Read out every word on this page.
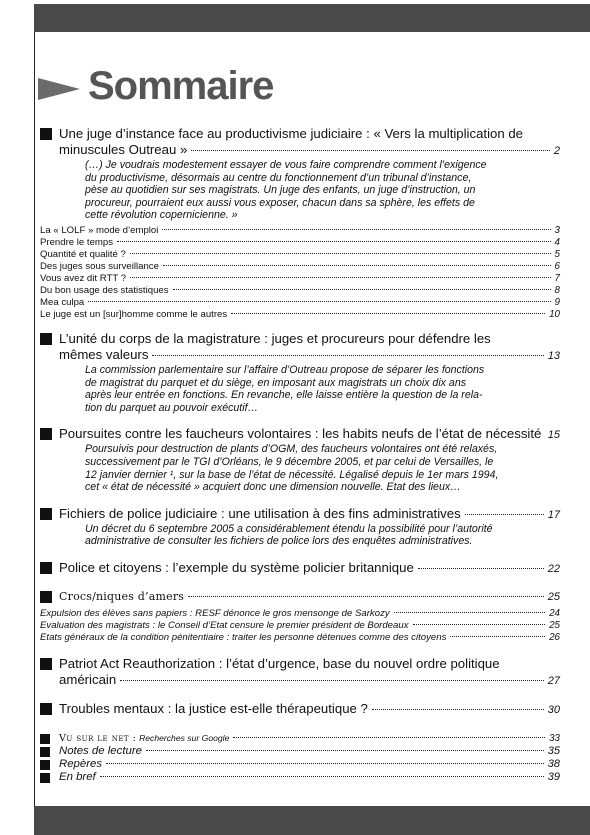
Sommaire
Une juge d’instance face au productivisme judiciaire : « Vers la multiplication de
minuscules Outreau »	2
(…) Je voudrais modestement essayer de vous faire comprendre comment l’exigence
du productivisme, désormais au centre du fonctionnement d’un tribunal d’instance,
pèse au quotidien sur ses magistrats. Un juge des enfants, un juge d’instruction, un
procureur, pourraient eux aussi vous exposer, chacun dans sa sphère, les effets de
cette révolution copernicienne. »
La « LOLF » mode d’emploi	3
Prendre le temps	4
Quantité et qualité ?	5
Des juges sous surveillance	6
Vous avez dit RTT ?	7
Du bon usage des statistiques	8
Mea culpa	9
Le juge est un [sur]homme comme le autres	10
L’unité du corps de la magistrature : juges et procureurs pour défendre les
mêmes valeurs	13
La commission parlementaire sur l’affaire d’Outreau propose de séparer les fonctions
de magistrat du parquet et du siège, en imposant aux magistrats un choix dix ans
après leur entrée en fonctions. En revanche, elle laisse entière la question de la rela-
tion du parquet au pouvoir exécutif…
Poursuites contre les faucheurs volontaires : les habits neufs de l’état de nécessité 15
Poursuivis pour destruction de plants d’OGM, des faucheurs volontaires ont été relaxés,
successivement par le TGI d’Orléans, le 9 décembre 2005, et par celui de Versailles, le
12 janvier dernier ¹, sur la base de l’état de nécessité. Légalisé depuis le 1er mars 1994,
cet « état de nécessité » acquiert donc une dimension nouvelle. Etat des lieux…
Fichiers de police judiciaire : une utilisation à des fins administratives	17
Un décret du 6 septembre 2005 a considérablement étendu la possibilité pour l’autorité
administrative de consulter les fichiers de police lors des enquêtes administratives.
Police et citoyens : l’exemple du système policier britannique	22
Crocs/niques d’amers	25
Expulsion des élèves sans papiers : RESF dénonce le gros mensonge de Sarkozy	24
Evaluation des magistrats : le Conseil d’Etat censure le premier président de Bordeaux	25
Etats généraux de la condition pénitentiaire : traiter les personne détenues comme des citoyens	26
Patriot Act Reauthorization : l’état d’urgence, base du nouvel ordre politique
américain	27
Troubles mentaux : la justice est-elle thérapeutique ?	30
Vu sur le net : Recherches sur Google	33
Notes de lecture	35
Repères	38
En bref	39
